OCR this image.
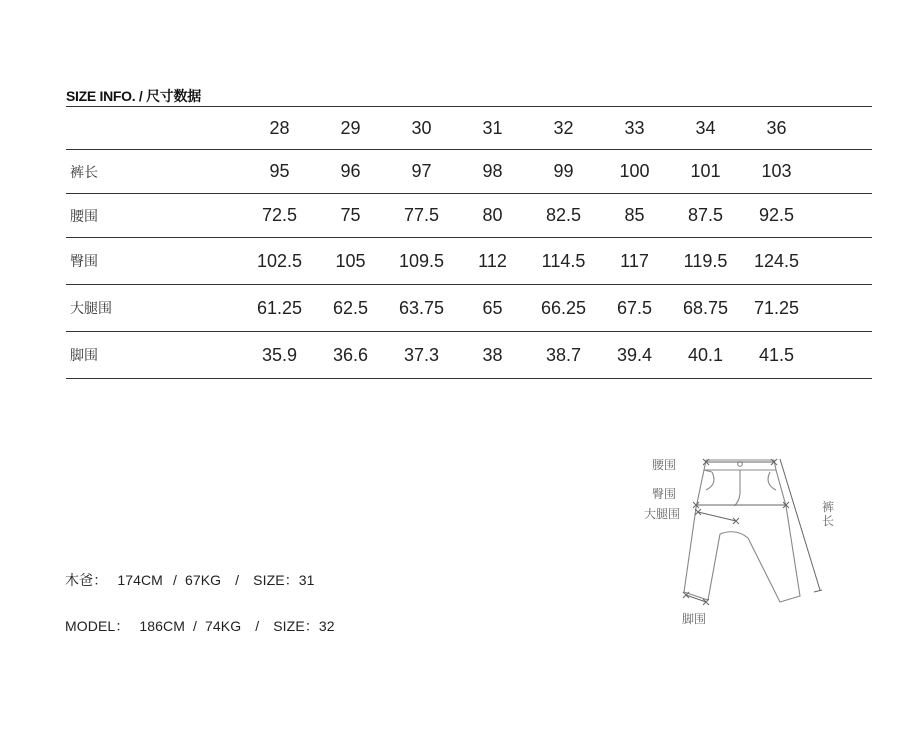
SIZE INFO. / 尺寸数据
	28	29	30	31	32	33	34	36	
裤长	95	96	97	98	99	100	101	103	
腰围	72.5	75	77.5	80	82.5	85	87.5	92.5	
臀围	102.5	105	109.5	112	114.5	117	119.5	124.5	
大腿围	61.25	62.5	63.75	65	66.25	67.5	68.75	71.25	
脚围	35.9	36.6	37.3	38	38.7	39.4	40.1	41.5	
木爸： 174CM / 67KG / SIZE：31
MODEL： 186CM / 74KG / SIZE：32
腰围
臀围
大腿围
脚围
裤
长
